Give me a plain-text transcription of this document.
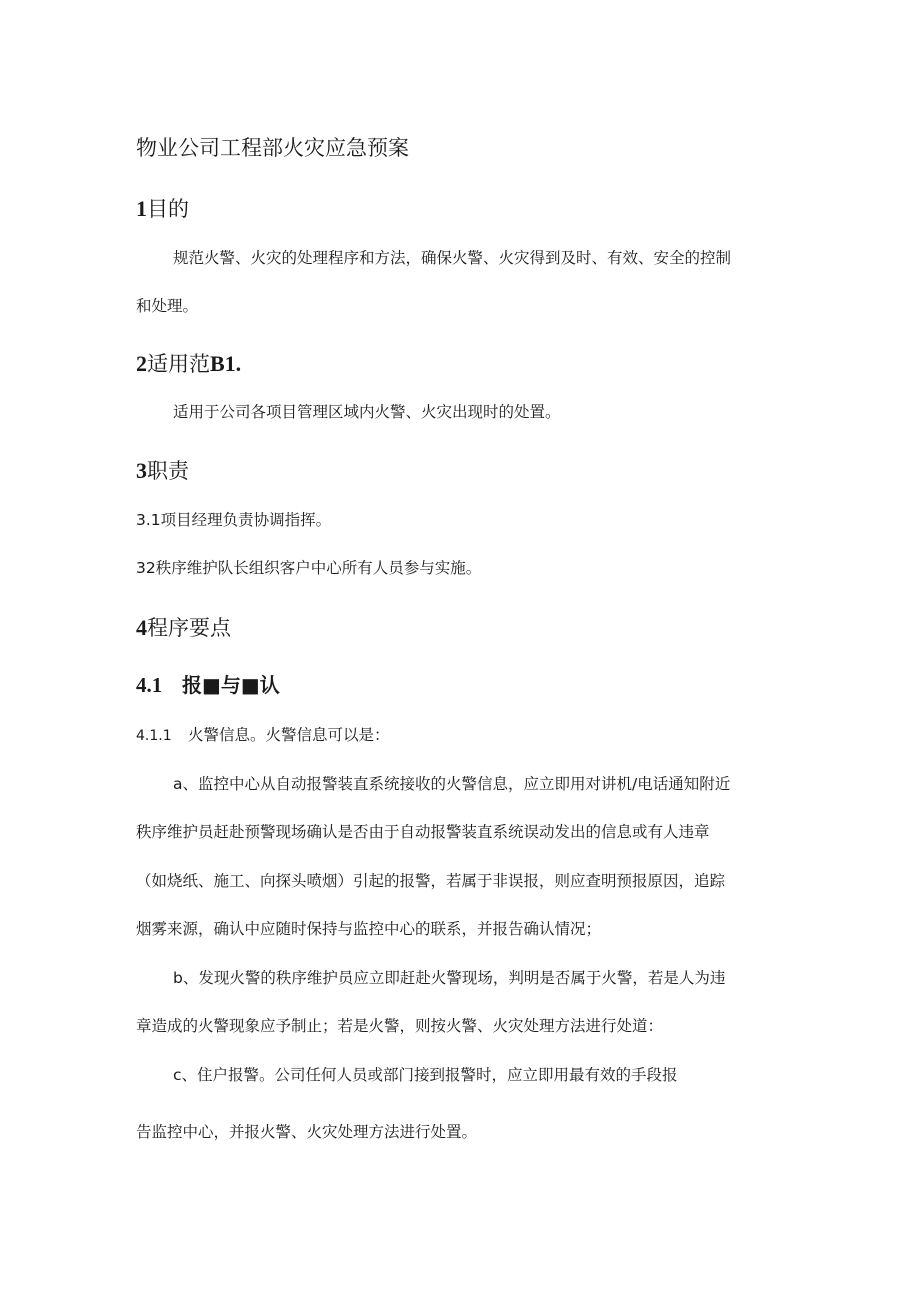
物业公司工程部火灾应急预案
1目的

规范火警、火灾的处理程序和方法，确保火警、火灾得到及时、有效、安全的控制

和处理。

2适用范B1.

适用于公司各项目管理区域内火警、火灾出现时的处置。

3职责

3.1项目经理负责协调指挥。

32秩序维护队长组织客户中心所有人员参与实施。

4程序要点
4.1 报■与■认

4.1.1 火警信息。火警信息可以是：

a、监控中心从自动报警装直系统接收的火警信息，应立即用对讲机/电话通知附近

秩序维护员赶赴预警现场确认是否由于自动报警装直系统误动发出的信息或有人违章

（如烧纸、施工、向探头喷烟）引起的报警，若属于非误报，则应查明预报原因，追踪

烟雾来源，确认中应随时保持与监控中心的联系，并报告确认情况；

b、发现火警的秩序维护员应立即赶赴火警现场，判明是否属于火警，若是人为违

章造成的火警现象应予制止；若是火警，则按火警、火灾处理方法进行处道：

c、住户报警。公司任何人员或部门接到报警时，应立即用最有效的手段报

告监控中心，并报火警、火灾处理方法进行处置。
